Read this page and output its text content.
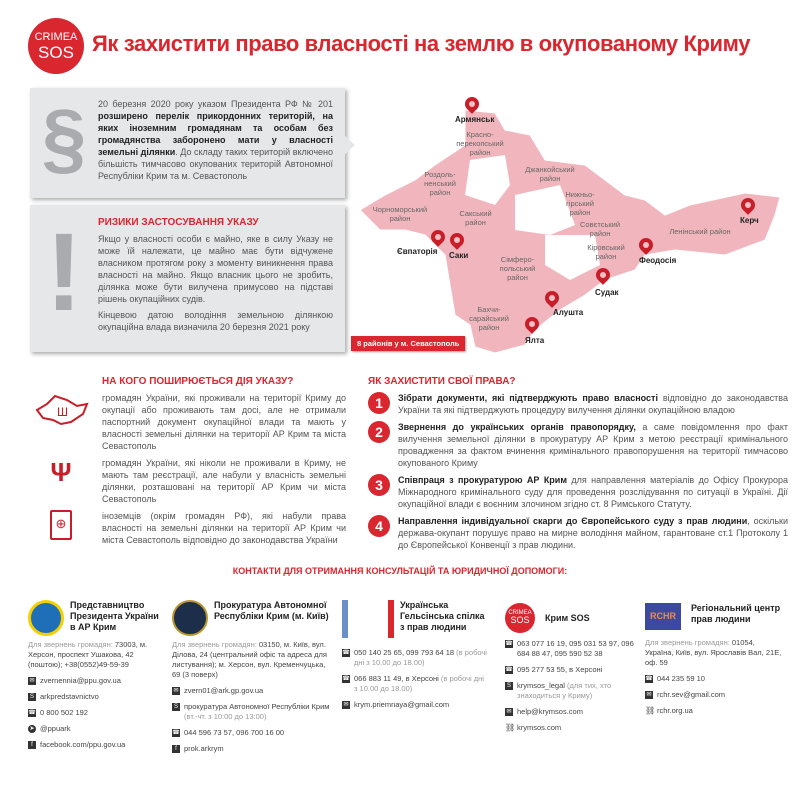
CRIMEA
SOS Як захистити право власності на землю в окупованому Криму
§	20 березня 2020 року указом Президента РФ № 201 розширено перелік прикордонних територій, на яких іноземним громадянам та особам без громадянства заборонено мати у власності земельні ділянки. До складу таких територій включено більшість тимчасово окупованих територій Автономної Республіки Крим та м. Севастополь

!	РИЗИКИ ЗАСТОСУВАННЯ УКАЗУ

Якщо у власності особи є майно, яке в силу Указу не може їй належати, це майно має бути відчужене власником протягом року з моменту виникнення права власності на майно. Якщо власник цього не зробить, ділянка може бути вилучена примусово на підставі рішень окупаційних судів.

Кінцевою датою володіння земельною ділянкою окупаційна влада визначила 20 березня 2021 року

Красно-перекопський район
Роздоль-ненський район
Джанкойський район
Нижньо-гірський район
Чорноморський район
Сакський район	Совєтський район	Ленінський район
Кіровський район
Сімферо-польський район
Бахчи-сарайський район
Армянськ
Керч
Євпаторія Саки
Феодосія
Судак
Алушта
Ялта
8 районів у м. Севастополь
НА КОГО ПОШИРЮЄТЬСЯ ДІЯ УКАЗУ?
Ш

громадян України, які проживали на території Криму до окупації або проживають там досі, але не отримали паспортний документ окупаційної влади та мають у власності земельні ділянки на території АР Крим та міста Севастополь

Ψ	громадян України, які ніколи не проживали в Криму, не мають там реєстрації, але набули у власність земельні ділянки, розташовані на території АР Крим чи міста Севастополь

⊕	іноземців (окрім громадян РФ), які набули права власності на земельні ділянки на території АР Крим чи міста Севастополь відповідно до законодавства України

ЯК ЗАХИСТИТИ СВОЇ ПРАВА?
1	Зібрати документи, які підтверджують право власності відповідно до законодавства України та які підтверджують процедуру вилучення ділянки окупаційною владою

2	Звернення до українських органів правопорядку, а саме повідомлення про факт вилучення земельної ділянки в прокуратуру АР Крим з метою реєстрації кримінального провадження за фактом вчинення кримінального правопорушення на території тимчасово окупованого Криму

3	Співпраця з прокуратурою АР Крим для направлення матеріалів до Офісу Прокурора Міжнародного кримінального суду для проведення розслідування по ситуації в Україні. Дії окупаційної влади є воєнним злочином згідно ст. 8 Римського Статуту.

4	Направлення індивідуальної скарги до Європейського суду з прав людини, оскільки держава-окупант порушує право на мирне володіння майном, гарантоване ст.1 Протоколу 1 до Європейської Конвенції з прав людини.

КОНТАКТИ ДЛЯ ОТРИМАННЯ КОНСУЛЬТАЦІЙ ТА ЮРИДИЧНОЇ ДОПОМОГИ:
Представництво Президента України в АР Крим
Для звернень громадян: 73003, м. Херсон, проспект Ушакова, 42 (поштою); +38(0552)49-59-39
✉ zvernennia@ppu.gov.ua
S arkpredstavnictvo
☎ 0 800 502 192
➤ @ppuark
f facebook.com/ppu.gov.ua
Прокуратура Автономної Республіки Крим (м. Київ)
Для звернень громадян: 03150, м. Київ, вул. Ділова, 24 (центральний офіс та адреса для листування); м. Херсон, вул. Кременчуцька, 69 (3 поверх)
✉ zvern01@ark.gp.gov.ua
S прокуратура Автономної Республіки Крим (вт.-чт. з 10:00 до 13:00)
☎ 044 596 73 57, 096 700 16 00
f prok.arkrym
Українська Гельсінська спілка з прав людини
☎ 050 140 25 65, 099 793 64 18 (в робочі дні з 10.00 до 18.00)
☎ 066 883 11 49, в Херсоні (в робочі дні з 10.00 до 18.00)
✉ krym.priemnaya@gmail.com
CRIMEA
SOS	Крим SOS
☎ 063 077 16 19, 095 031 53 97, 096 684 88 47, 095 590 52 38
☎ 095 277 53 55, в Херсоні
S krymsos_legal (для тих, хто знаходиться у Криму)
✉ help@krymsos.com
⛓ krymsos.com
RCHR
Регіональний центр прав людини
Для звернень громадян: 01054, Україна, Київ, вул. Ярославів Вал, 21Е, оф. 59
☎ 044 235 59 10
✉ rchr.sev@gmail.com
⛓ rchr.org.ua
